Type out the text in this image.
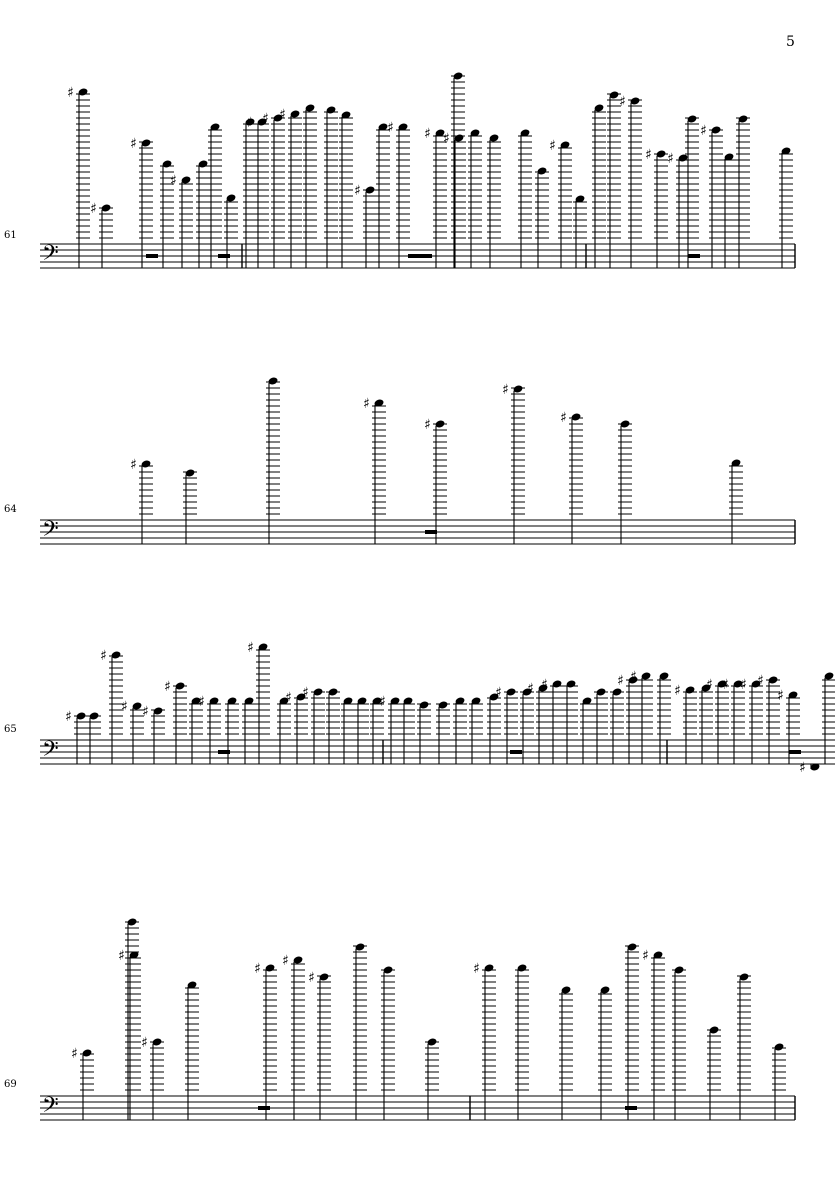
5
61
64
65
69
𝄢
𝄢
𝄢
𝄢
♯
♯
♯
♯
♯ ♯ ♯
♯
♯ ♯ ♯	♯
♯
♯ ♯
♯
♯
♯
♯
♯
♯
♯
♯
♯ ♯
♯
♯
♯
♯ ♯
♯
♯ ♯ ♯	♯ ♯
♯ ♯ ♯ ♯ ♯
♯
♯
♯
♯
♯
♯ ♯
♯
♯
♯
